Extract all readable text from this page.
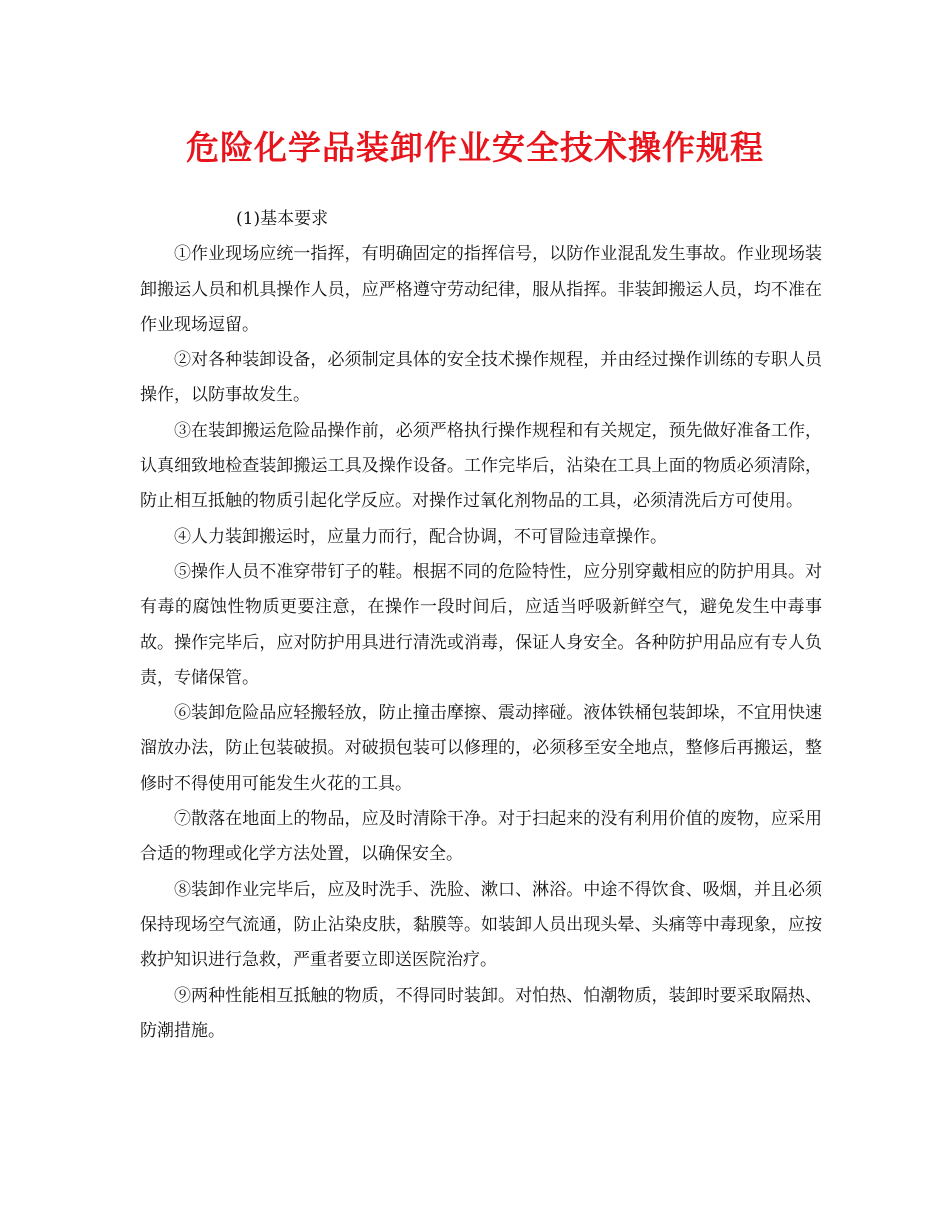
危险化学品装卸作业安全技术操作规程

(1)基本要求

①作业现场应统一指挥，有明确固定的指挥信号，以防作业混乱发生事故。作业现场装卸搬运人员和机具操作人员，应严格遵守劳动纪律，服从指挥。非装卸搬运人员，均不准在作业现场逗留。

②对各种装卸设备，必须制定具体的安全技术操作规程，并由经过操作训练的专职人员操作，以防事故发生。

③在装卸搬运危险品操作前，必须严格执行操作规程和有关规定，预先做好准备工作，认真细致地检查装卸搬运工具及操作设备。工作完毕后，沾染在工具上面的物质必须清除，防止相互抵触的物质引起化学反应。对操作过氧化剂物品的工具，必须清洗后方可使用。

④人力装卸搬运时，应量力而行，配合协调，不可冒险违章操作。

⑤操作人员不准穿带钉子的鞋。根据不同的危险特性，应分别穿戴相应的防护用具。对有毒的腐蚀性物质更要注意，在操作一段时间后，应适当呼吸新鲜空气，避免发生中毒事故。操作完毕后，应对防护用具进行清洗或消毒，保证人身安全。各种防护用品应有专人负责，专储保管。

⑥装卸危险品应轻搬轻放，防止撞击摩擦、震动摔碰。液体铁桶包装卸垛，不宜用快速溜放办法，防止包装破损。对破损包装可以修理的，必须移至安全地点，整修后再搬运，整修时不得使用可能发生火花的工具。

⑦散落在地面上的物品，应及时清除干净。对于扫起来的没有利用价值的废物，应采用合适的物理或化学方法处置，以确保安全。

⑧装卸作业完毕后，应及时洗手、洗脸、漱口、淋浴。中途不得饮食、吸烟，并且必须保持现场空气流通，防止沾染皮肤，黏膜等。如装卸人员出现头晕、头痛等中毒现象，应按救护知识进行急救，严重者要立即送医院治疗。

⑨两种性能相互抵触的物质，不得同时装卸。对怕热、怕潮物质，装卸时要采取隔热、防潮措施。
